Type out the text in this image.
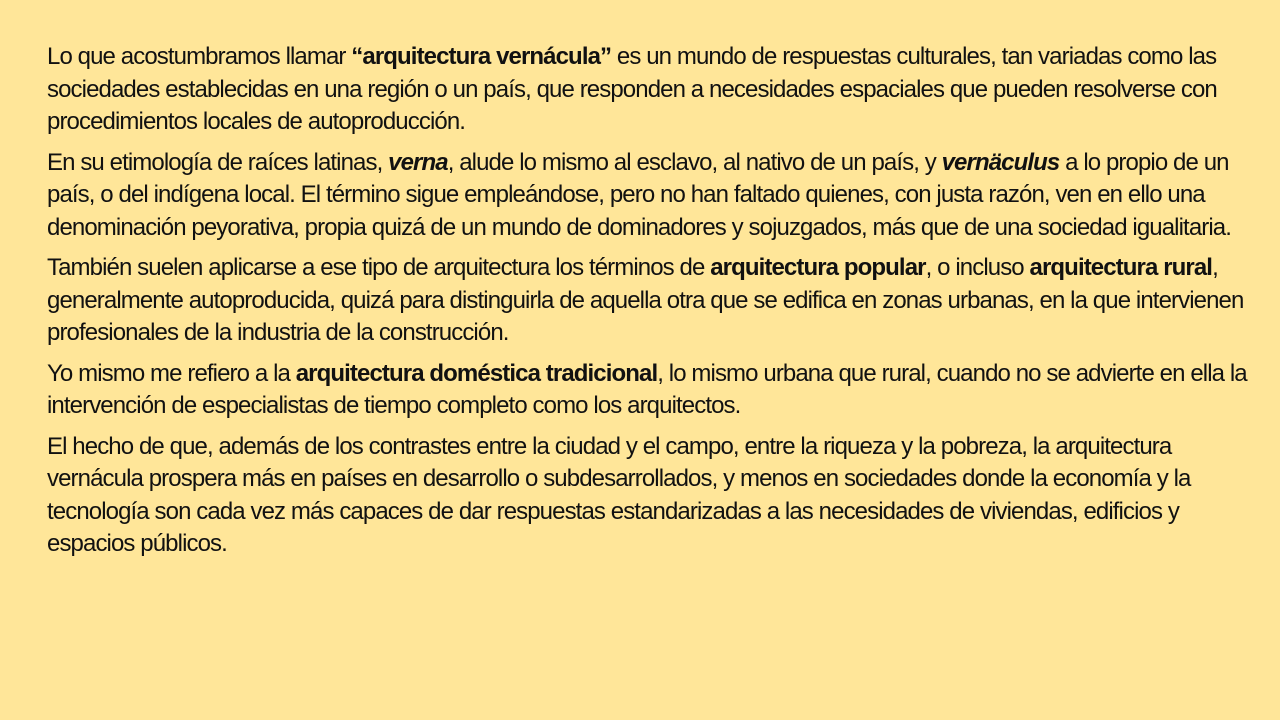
Lo que acostumbramos llamar “arquitectura vernácula” es un mundo de respuestas culturales, tan variadas como las sociedades establecidas en una región o un país, que responden a necesidades espaciales que pueden resolverse con procedimientos locales de autoproducción.

En su etimología de raíces latinas, verna, alude lo mismo al esclavo, al nativo de un país, y vernäculus a lo propio de un país, o del indígena local. El término sigue empleándose, pero no han faltado quienes, con justa razón, ven en ello una denominación peyorativa, propia quizá de un mundo de dominadores y sojuzgados, más que de una sociedad igualitaria.

También suelen aplicarse a ese tipo de arquitectura los términos de arquitectura popular, o incluso arquitectura rural, generalmente autoproducida, quizá para distinguirla de aquella otra que se edifica en zonas urbanas, en la que intervienen profesionales de la industria de la construcción.

Yo mismo me refiero a la arquitectura doméstica tradicional, lo mismo urbana que rural, cuando no se advierte en ella la intervención de especialistas de tiempo completo como los arquitectos.

El hecho de que, además de los contrastes entre la ciudad y el campo, entre la riqueza y la pobreza, la arquitectura vernácula prospera más en países en desarrollo o subdesarrollados, y menos en sociedades donde la economía y la tecnología son cada vez más capaces de dar respuestas estandarizadas a las necesidades de viviendas, edificios y espacios públicos.
